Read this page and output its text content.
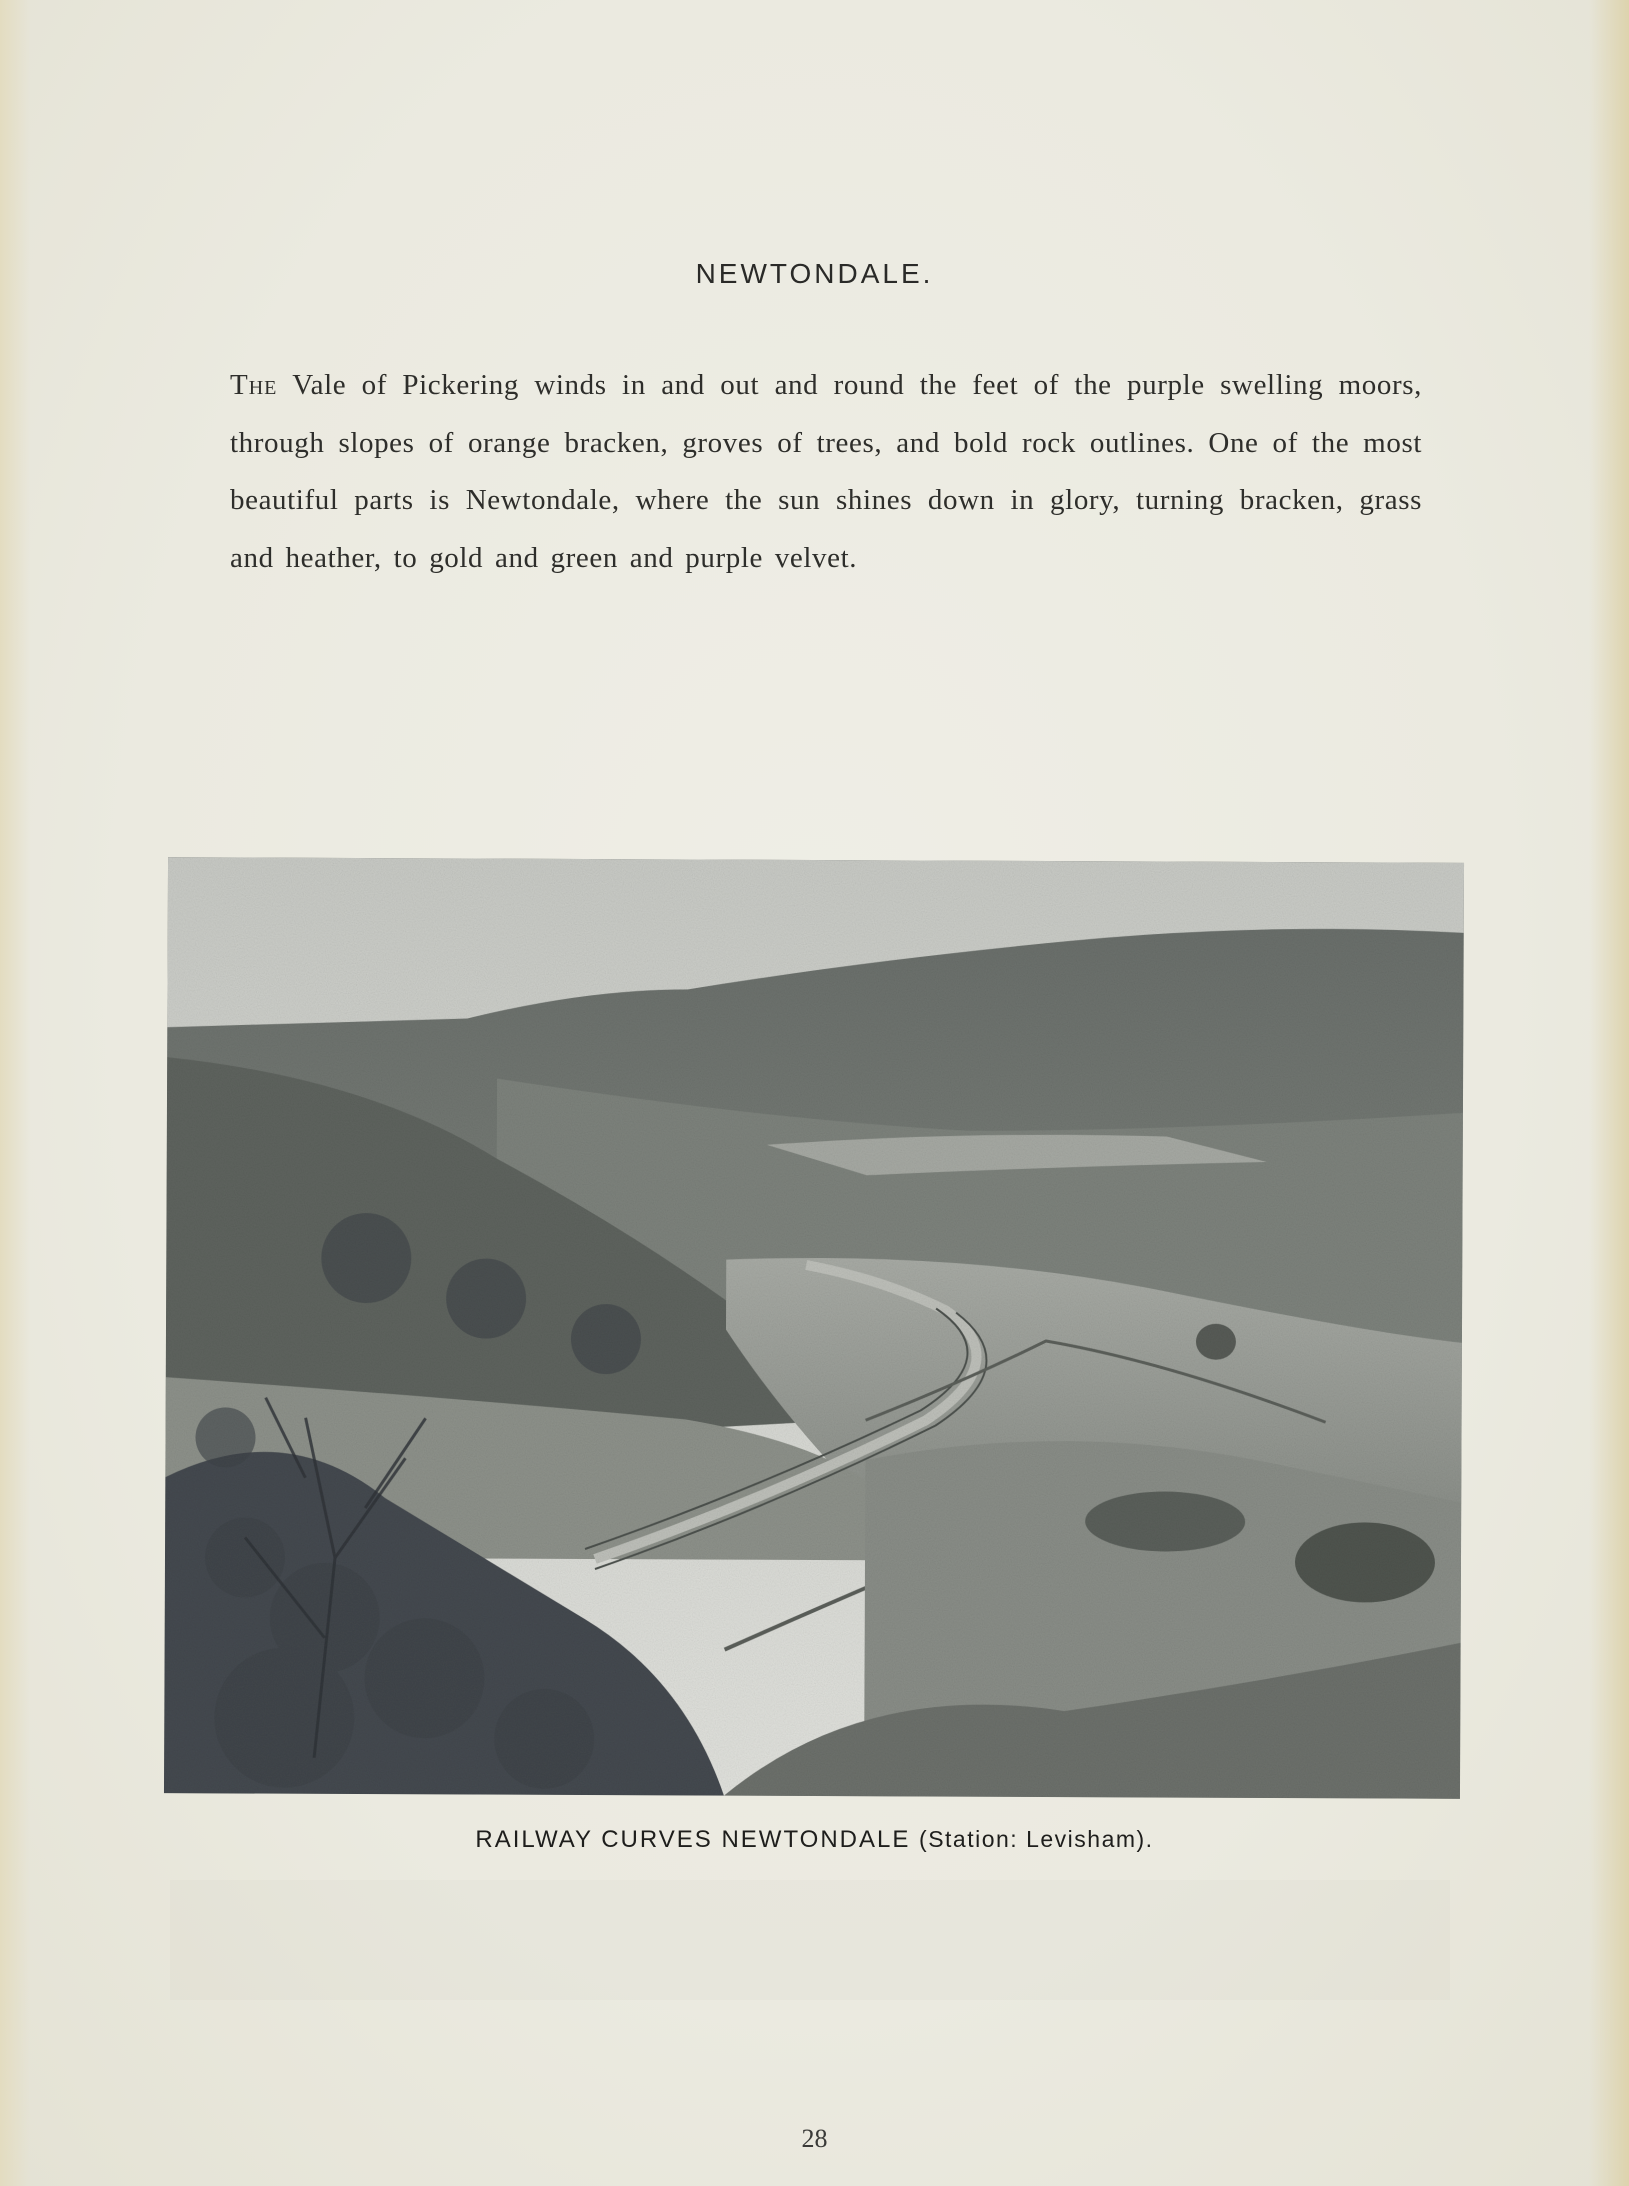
NEWTONDALE.
The Vale of Pickering winds in and out and round the feet of the purple swelling moors, through slopes of orange bracken, groves of trees, and bold rock outlines. One of the most beautiful parts is Newtondale, where the sun shines down in glory, turning bracken, grass and heather, to gold and green and purple velvet.
RAILWAY CURVES NEWTONDALE (Station: Levisham).
28
